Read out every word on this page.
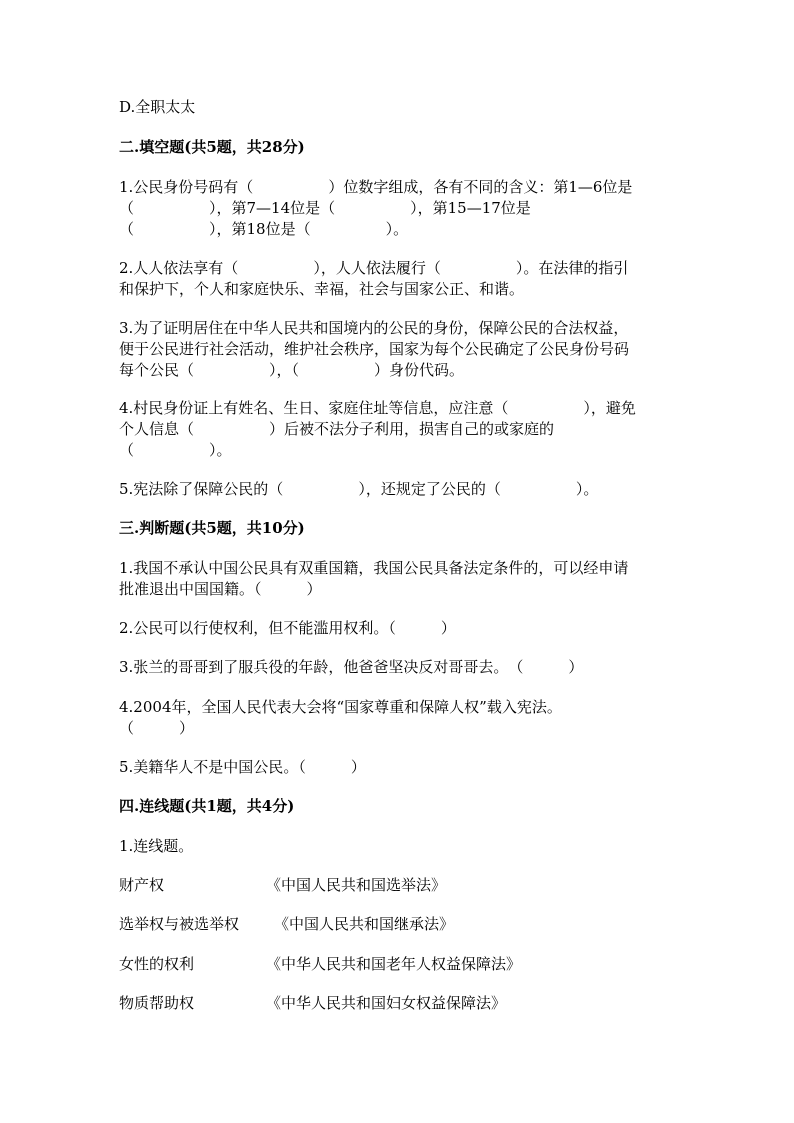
D.全职太太

二.填空题(共5题，共28分)

1.公民身份号码有（　　　　　）位数字组成，各有不同的含义：第1—6位是

（　　　　　），第7—14位是（　　　　　），第15—17位是

（　　　　　），第18位是（　　　　　）。

2.人人依法享有（　　　　　），人人依法履行（　　　　　）。在法律的指引

和保护下，个人和家庭快乐、幸福，社会与国家公正、和谐。

3.为了证明居住在中华人民共和国境内的公民的身份，保障公民的合法权益，

便于公民进行社会活动，维护社会秩序，国家为每个公民确定了公民身份号码

每个公民（　　　　　），（　　　　　）身份代码。

4.村民身份证上有姓名、生日、家庭住址等信息，应注意（　　　　　），避免

个人信息（　　　　　）后被不法分子利用，损害自己的或家庭的

（　　　　　）。

5.宪法除了保障公民的（　　　　　），还规定了公民的（　　　　　）。

三.判断题(共5题，共10分)

1.我国不承认中国公民具有双重国籍，我国公民具备法定条件的，可以经申请

批准退出中国国籍。（　　　）

2.公民可以行使权利，但不能滥用权利。（　　　）

3.张兰的哥哥到了服兵役的年龄，他爸爸坚决反对哥哥去。　（　　　）

4.2004年，全国人民代表大会将“国家尊重和保障人权”载入宪法。

（　　　）

5.美籍华人不是中国公民。（　　　）

四.连线题(共1题，共4分)

1.连线题。

财产权	《中国人民共和国选举法》

选举权与被选举权 《中国人民共和国继承法》

女性的权利	《中华人民共和国老年人权益保障法》

物质帮助权	《中华人民共和国妇女权益保障法》
